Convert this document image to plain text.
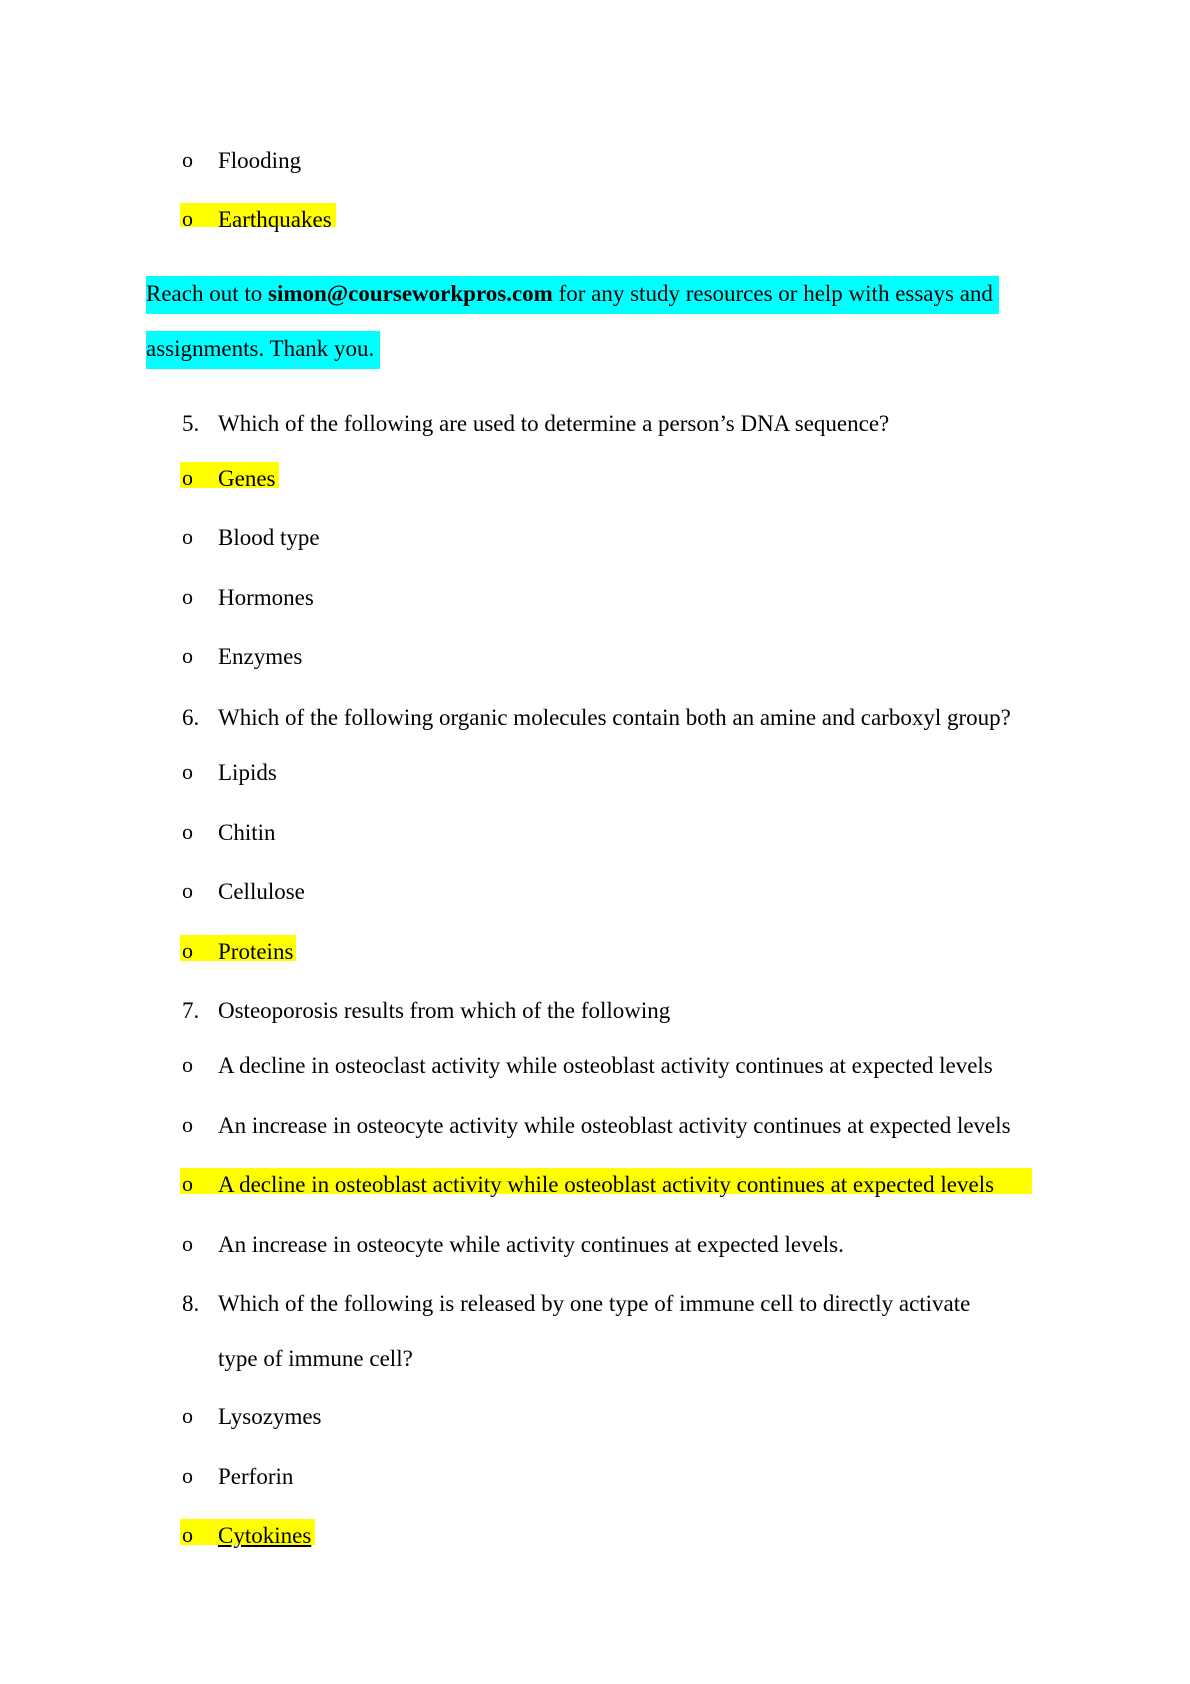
o	Flooding
o	Earthquakes
Reach out to simon@courseworkpros.com for any study resources or help with essays and
assignments. Thank you.
5. Which of the following are used to determine a person’s DNA sequence?
o	Genes
o	Blood type
o	Hormones
o	Enzymes
6. Which of the following organic molecules contain both an amine and carboxyl group?
o	Lipids
o	Chitin
o	Cellulose
o	Proteins
7. Osteoporosis results from which of the following
o	A decline in osteoclast activity while osteoblast activity continues at expected levels
o	An increase in osteocyte activity while osteoblast activity continues at expected levels
o	A decline in osteoblast activity while osteoblast activity continues at expected levels
o	An increase in osteocyte while activity continues at expected levels.
8. Which of the following is released by one type of immune cell to directly activate
type of immune cell?
o	Lysozymes
o	Perforin
o	Cytokines
